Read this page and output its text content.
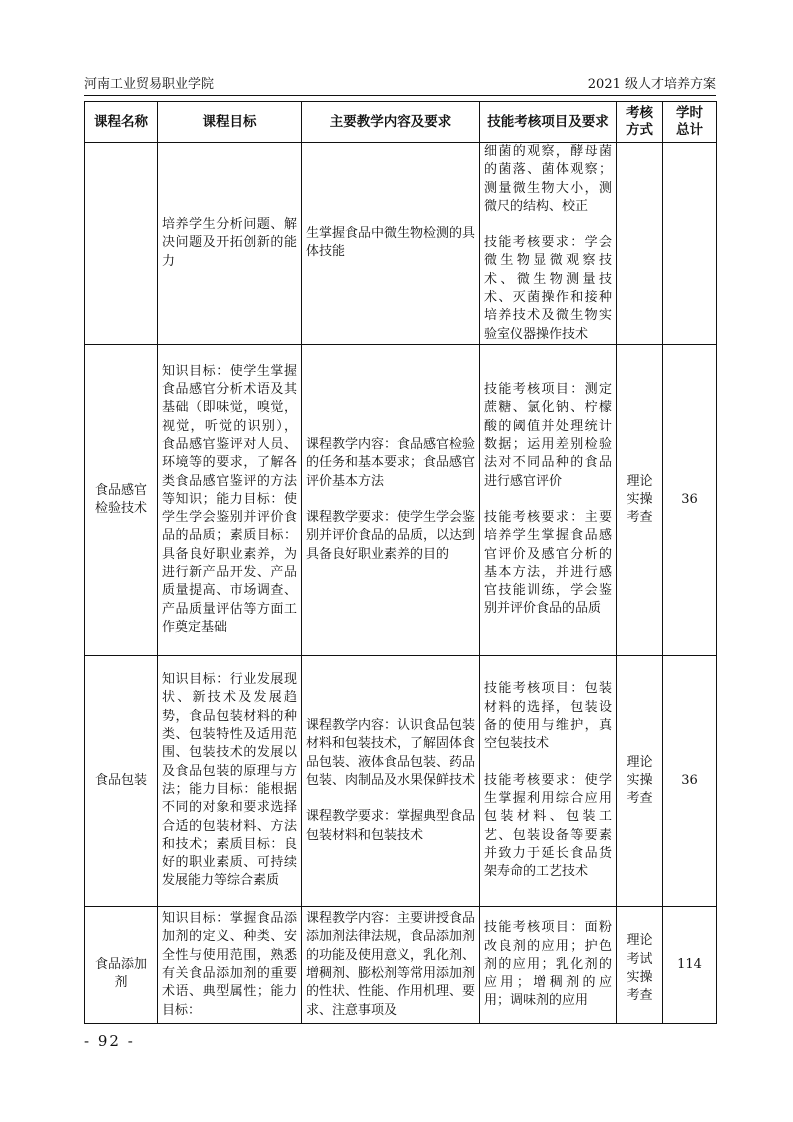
河南工业贸易职业学院	2021 级人才培养方案
课程名称	课程目标	主要教学内容及要求	技能考核项目及要求	考核
方式	学时
总计
	培养学生分析问题、解决问题及开拓创新的能力	生掌握食品中微生物检测的具体技能	细菌的观察，酵母菌的菌落、菌体观察；测量微生物大小，测微尺的结构、校正
技能考核要求：学会微生物显微观察技术、微生物测量技术、灭菌操作和接种培养技术及微生物实验室仪器操作技术		

食品感官检验技术	知识目标：使学生掌握食品感官分析术语及其基础（即味觉，嗅觉，视觉，听觉的识别），食品感官鉴评对人员、环境等的要求，了解各类食品感官鉴评的方法等知识；能力目标：使学生学会鉴别并评价食品的品质；素质目标：具备良好职业素养，为进行新产品开发、产品质量提高、市场调查、产品质量评估等方面工作奠定基础	课程教学内容：食品感官检验的任务和基本要求；食品感官评价基本方法
课程教学要求：使学生学会鉴别并评价食品的品质，以达到具备良好职业素养的目的	技能考核项目：测定蔗糖、氯化钠、柠檬酸的阈值并处理统计数据；运用差别检验法对不同品种的食品进行感官评价
技能考核要求：主要培养学生掌握食品感官评价及感官分析的基本方法，并进行感官技能训练，学会鉴别并评价食品的品质	理论
实操
考查	36
食品包装	知识目标：行业发展现状、新技术及发展趋势，食品包装材料的种类、包装特性及适用范围、包装技术的发展以及食品包装的原理与方法；能力目标：能根据不同的对象和要求选择合适的包装材料、方法和技术；素质目标：良好的职业素质、可持续发展能力等综合素质	课程教学内容：认识食品包装材料和包装技术，了解固体食品包装、液体食品包装、药品包装、肉制品及水果保鲜技术
课程教学要求：掌握典型食品包装材料和包装技术	技能考核项目：包装材料的选择，包装设备的使用与维护，真空包装技术
技能考核要求：使学生掌握利用综合应用包装材料、包装工艺、包装设备等要素并致力于延长食品货架寿命的工艺技术	理论
实操
考查	36
食品添加剂	知识目标：掌握食品添加剂的定义、种类、安全性与使用范围，熟悉有关食品添加剂的重要术语、典型属性；能力目标：	课程教学内容：主要讲授食品添加剂法律法规，食品添加剂的功能及使用意义，乳化剂、增稠剂、膨松剂等常用添加剂的性状、性能、作用机理、要求、注意事项及	技能考核项目：面粉改良剂的应用；护色剂的应用；乳化剂的应用；增稠剂的应用；调味剂的应用	理论
考试
实操
考查	114
- 92 -
